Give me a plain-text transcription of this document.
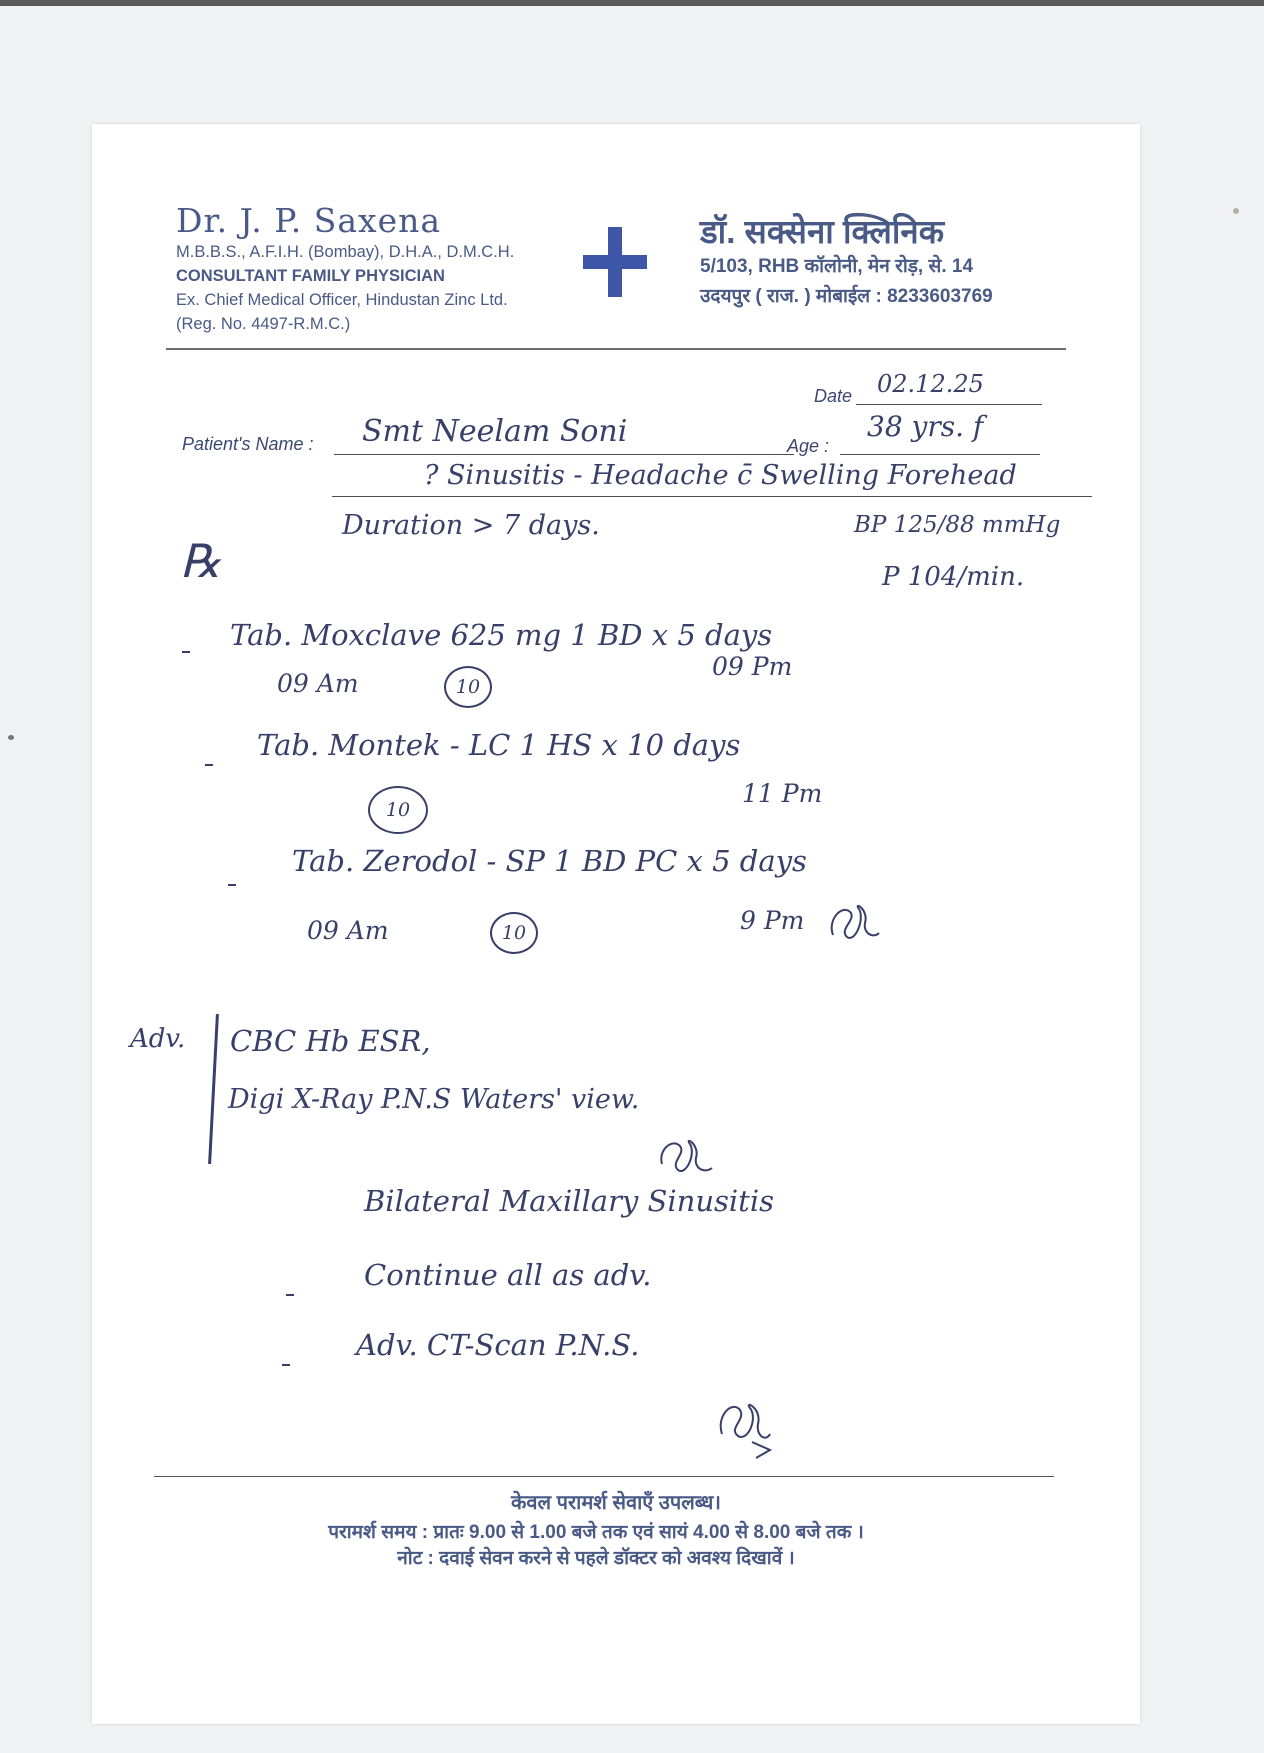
Dr. J. P. Saxena
M.B.B.S., A.F.I.H. (Bombay), D.H.A., D.M.C.H.
CONSULTANT FAMILY PHYSICIAN
Ex. Chief Medical Officer, Hindustan Zinc Ltd.
(Reg. No. 4497-R.M.C.)
डॉ. सक्सेना क्लिनिक
5/103, RHB कॉलोनी, मेन रोड़, से. 14
उदयपुर ( राज. ) मोबाईल : 8233603769
Date 02.12.25
Patient's Name : Smt Neelam Soni	Age :
38 yrs. f
? Sinusitis - Headache c̄ Swelling Forehead
Duration > 7 days.	BP 125/88 mmHg
P 104/min.
℞
Tab. Moxclave 625 mg 1 BD x 5 days
09 Am	10
09 Pm
Tab. Montek - LC 1 HS x 10 days
10
11 Pm
Tab. Zerodol - SP 1 BD PC x 5 days
09 Am	10	9 Pm
Adv. CBC Hb ESR,
Digi X-Ray P.N.S Waters' view.
Bilateral Maxillary Sinusitis
Continue all as adv.
Adv. CT-Scan P.N.S.
केवल परामर्श सेवाएँ उपलब्ध।
परामर्श समय : प्रातः 9.00 से 1.00 बजे तक एवं सायं 4.00 से 8.00 बजे तक ।
नोट : दवाई सेवन करने से पहले डॉक्टर को अवश्य दिखावें ।
